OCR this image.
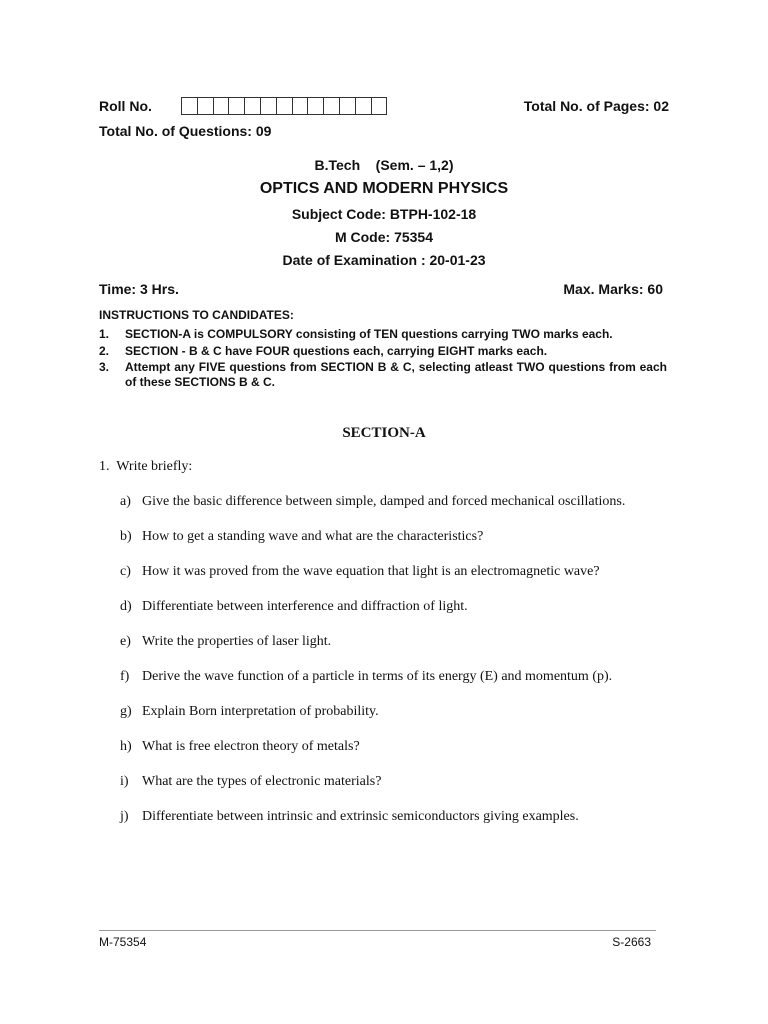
Roll No.	Total No. of Pages: 02
Total No. of Questions: 09
B.Tech    (Sem. – 1,2)
OPTICS AND MODERN PHYSICS
Subject Code: BTPH-102-18
M Code: 75354
Date of Examination : 20-01-23
Time: 3 Hrs.	Max. Marks: 60
INSTRUCTIONS TO CANDIDATES:
1.	SECTION-A is COMPULSORY consisting of TEN questions carrying TWO marks each.
2.	SECTION - B & C have FOUR questions each, carrying EIGHT marks each.
3.	Attempt any FIVE questions from SECTION B & C, selecting atleast TWO questions from each of these SECTIONS B & C.
SECTION-A
1.  Write briefly:
a) Give the basic difference between simple, damped and forced mechanical oscillations.
b) How to get a standing wave and what are the characteristics?
c) How it was proved from the wave equation that light is an electromagnetic wave?
d) Differentiate between interference and diffraction of light.
e) Write the properties of laser light.
f) Derive the wave function of a particle in terms of its energy (E) and momentum (p).
g) Explain Born interpretation of probability.
h) What is free electron theory of metals?
i) What are the types of electronic materials?
j) Differentiate between intrinsic and extrinsic semiconductors giving examples.
M-75354	S-2663
